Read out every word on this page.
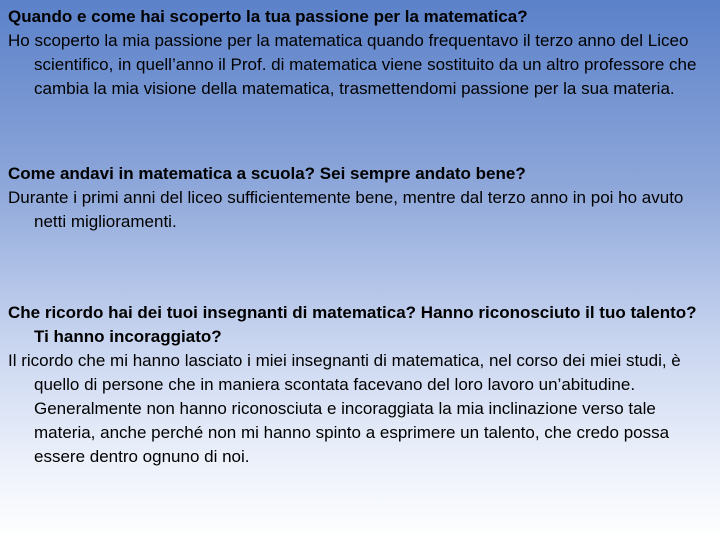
Quando e come hai scoperto la tua passione per la matematica?

Ho scoperto la mia passione per la matematica quando frequentavo il terzo anno del Liceo scientifico, in quell’anno il Prof. di matematica viene sostituito da un altro professore che cambia la mia visione della matematica, trasmettendomi passione per la sua materia.

Come andavi in matematica a scuola? Sei sempre andato bene?

Durante i primi anni del liceo sufficientemente bene, mentre dal terzo anno in poi ho avuto netti miglioramenti.

Che ricordo hai dei tuoi insegnanti di matematica? Hanno riconosciuto il tuo talento? Ti hanno incoraggiato?

Il ricordo che mi hanno lasciato i miei insegnanti di matematica, nel corso dei miei studi, è quello di persone che in maniera scontata facevano del loro lavoro un’abitudine. Generalmente non hanno riconosciuta e incoraggiata la mia inclinazione verso tale materia, anche perché non mi hanno spinto a esprimere un talento, che credo possa essere dentro ognuno di noi.
